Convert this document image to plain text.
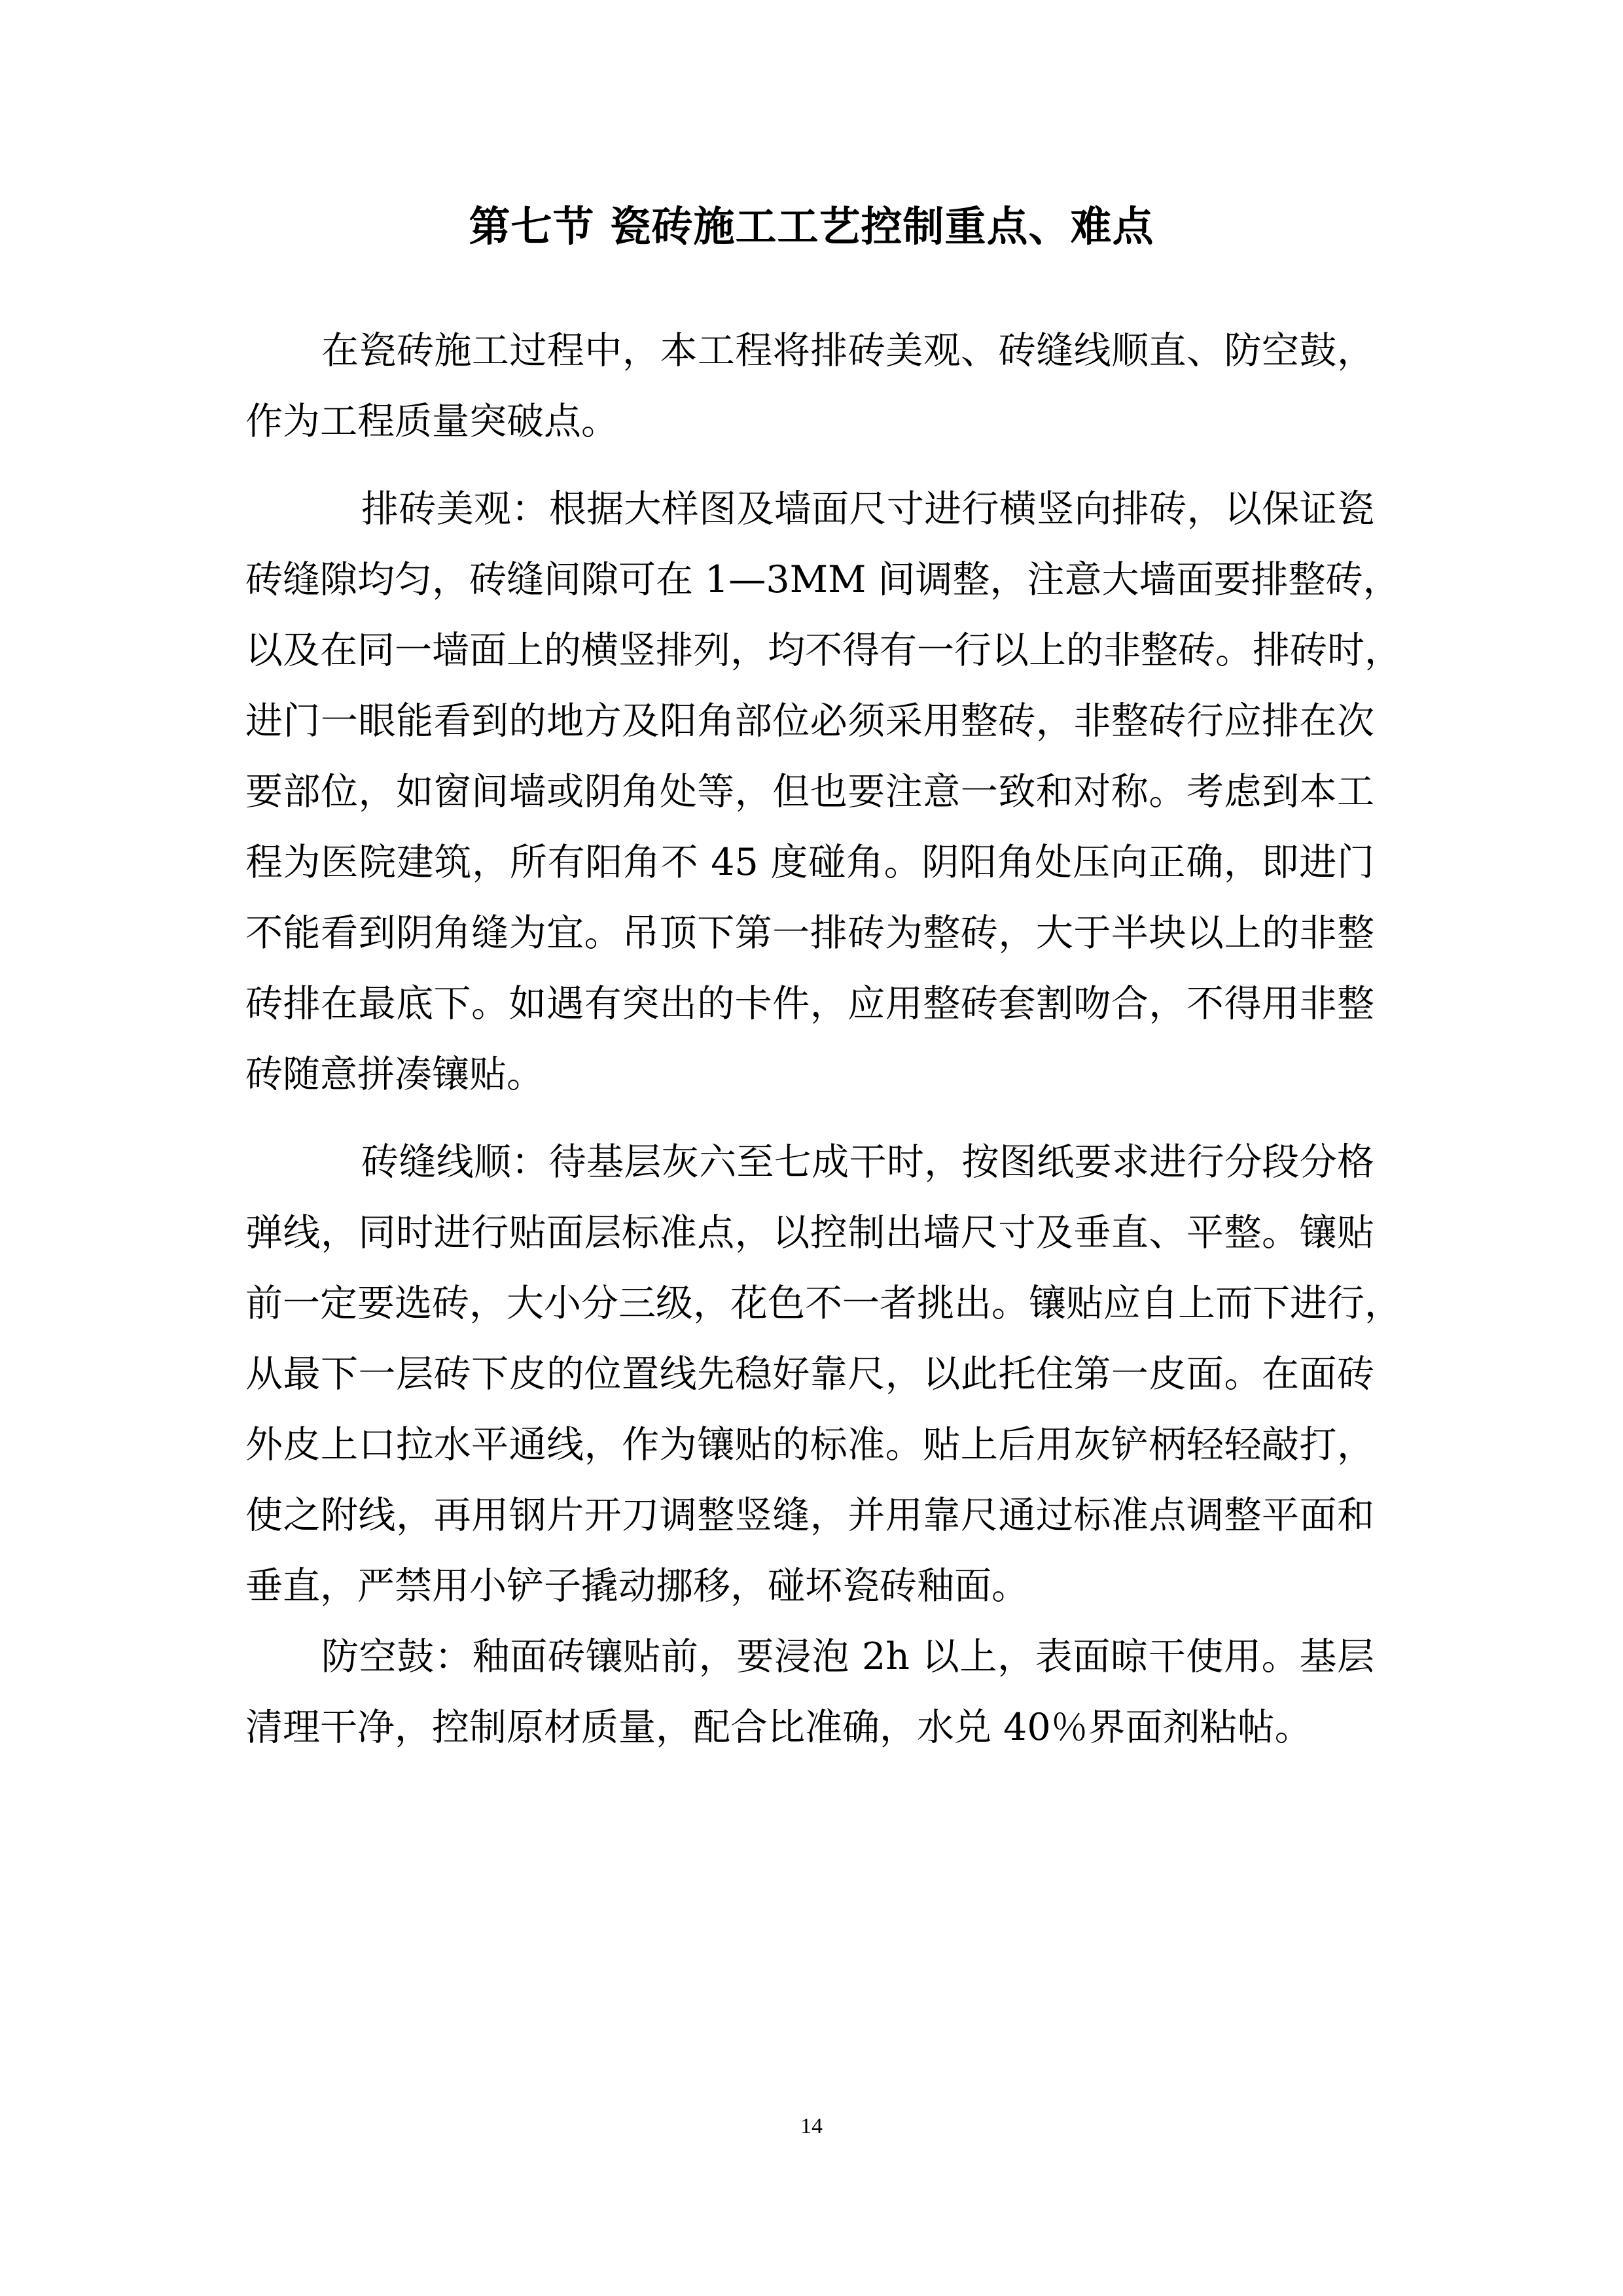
第七节 瓷砖施工工艺控制重点、难点
在瓷砖施工过程中，本工程将排砖美观、砖缝线顺直、防空鼓，
作为工程质量突破点。
排砖美观：根据大样图及墙面尺寸进行横竖向排砖，以保证瓷
砖缝隙均匀，砖缝间隙可在 1—3MM 间调整，注意大墙面要排整砖，
以及在同一墙面上的横竖排列，均不得有一行以上的非整砖。排砖时，
进门一眼能看到的地方及阳角部位必须采用整砖，非整砖行应排在次
要部位，如窗间墙或阴角处等，但也要注意一致和对称。考虑到本工
程为医院建筑，所有阳角不 45 度碰角。阴阳角处压向正确，即进门
不能看到阴角缝为宜。吊顶下第一排砖为整砖，大于半块以上的非整
砖排在最底下。如遇有突出的卡件，应用整砖套割吻合，不得用非整
砖随意拼凑镶贴。
砖缝线顺：待基层灰六至七成干时，按图纸要求进行分段分格
弹线，同时进行贴面层标准点，以控制出墙尺寸及垂直、平整。镶贴
前一定要选砖，大小分三级，花色不一者挑出。镶贴应自上而下进行，
从最下一层砖下皮的位置线先稳好靠尺，以此托住第一皮面。在面砖
外皮上口拉水平通线，作为镶贴的标准。贴上后用灰铲柄轻轻敲打，
使之附线，再用钢片开刀调整竖缝，并用靠尺通过标准点调整平面和
垂直，严禁用小铲子撬动挪移，碰坏瓷砖釉面。
防空鼓：釉面砖镶贴前，要浸泡 2h 以上，表面晾干使用。基层
清理干净，控制原材质量，配合比准确，水兑 40％界面剂粘帖。
14
